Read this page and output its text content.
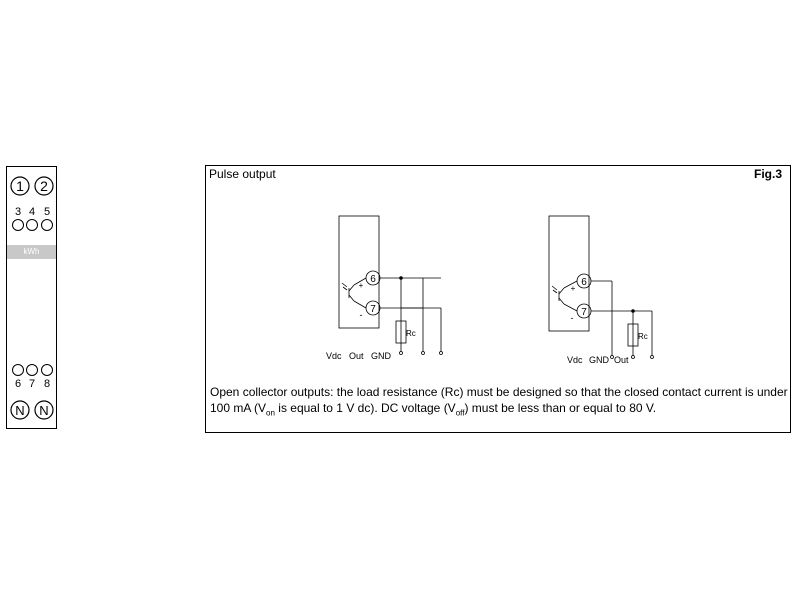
1 2
3 4 5
6 7 8
N N
kWh
Pulse output	Fig.3
6
7
+
-
Rc
Vdc Out GND
6
7
+
-
Rc
Vdc GND Out
Open collector outputs: the load resistance (Rc) must be designed so that the closed contact current is under 100 mA ($V_{on}$ is equal to 1 V dc). DC voltage $(V_{off})$ must be less than or equal to 80 V.
